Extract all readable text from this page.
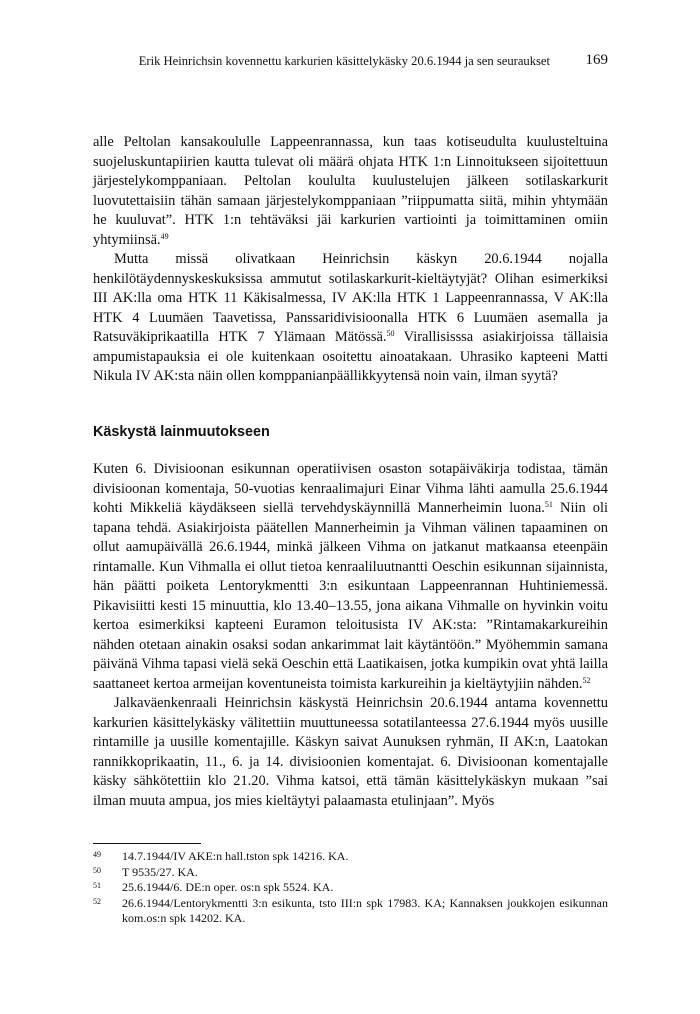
Erik Heinrichsin kovennettu karkurien käsittelykäsky 20.6.1944 ja sen seuraukset 169

alle Peltolan kansakoululle Lappeenrannassa, kun taas kotiseudulta kuulusteltuina suojeluskuntapiirien kautta tulevat oli määrä ohjata HTK 1:n Linnoitukseen sijoitettuun järjestelykomppaniaan. Peltolan koululta kuulustelujen jälkeen sotilaskarkurit luovutettaisiin tähän samaan järjestelykomppaniaan ”riippumatta siitä, mihin yhtymään he kuuluvat”. HTK 1:n tehtäväksi jäi karkurien vartiointi ja toimittaminen omiin yhtymiinsä.$^{49}$

Mutta missä olivatkaan Heinrichsin käskyn 20.6.1944 nojalla henkilötäydennyskeskuksissa ammutut sotilaskarkurit-kieltäytyjät? Olihan esimerkiksi III AK:lla oma HTK 11 Käkisalmessa, IV AK:lla HTK 1 Lappeenrannassa, V AK:lla HTK 4 Luumäen Taavetissa, Panssaridivisioonalla HTK 6 Luumäen asemalla ja Ratsuväkiprikaatilla HTK 7 Ylämaan Mätössä.$^{50}$ Virallisisssa asiakirjoissa tällaisia ampumistapauksia ei ole kuitenkaan osoitettu ainoatakaan. Uhrasiko kapteeni Matti Nikula IV AK:sta näin ollen komppanianpäällikkyytensä noin vain, ilman syytä?

Käskystä lainmuutokseen

Kuten 6. Divisioonan esikunnan operatiivisen osaston sotapäiväkirja todistaa, tämän divisioonan komentaja, 50-vuotias kenraalimajuri Einar Vihma lähti aamulla 25.6.1944 kohti Mikkeliä käydäkseen siellä tervehdyskäynnillä Mannerheimin luona.$^{51}$ Niin oli tapana tehdä. Asiakirjoista päätellen Mannerheimin ja Vihman välinen tapaaminen on ollut aamupäivällä 26.6.1944, minkä jälkeen Vihma on jatkanut matkaansa eteenpäin rintamalle. Kun Vihmalla ei ollut tietoa kenraaliluutnantti Oeschin esikunnan sijainnista, hän päätti poiketa Lentorykmentti 3:n esikuntaan Lappeenrannan Huhtiniemessä. Pikavisiitti kesti 15 minuuttia, klo 13.40–13.55, jona aikana Vihmalle on hyvinkin voitu kertoa esimerkiksi kapteeni Euramon teloitusista IV AK:sta: ”Rintamakarkureihin nähden otetaan ainakin osaksi sodan ankarimmat lait käytäntöön.” Myöhemmin samana päivänä Vihma tapasi vielä sekä Oeschin että Laatikaisen, jotka kumpikin ovat yhtä lailla saattaneet kertoa armeijan koventuneista toimista karkureihin ja kieltäytyjiin nähden.$^{52}$

Jalkaväenkenraali Heinrichsin käskystä Heinrichsin 20.6.1944 antama kovennettu karkurien käsittelykäsky välitettiin muuttuneessa sotatilanteessa 27.6.1944 myös uusille rintamille ja uusille komentajille. Käskyn saivat Aunuksen ryhmän, II AK:n, Laatokan rannikkoprikaatin, 11., 6. ja 14. divisioonien komentajat. 6. Divisioonan komentajalle käsky sähkötettiin klo 21.20. Vihma katsoi, että tämän käsittelykäskyn mukaan ”sai ilman muuta ampua, jos mies kieltäytyi palaamasta etulinjaan”. Myös

49 14.7.1944/IV AKE:n hall.tston spk 14216. KA.
50 T 9535/27. KA.
51 25.6.1944/6. DE:n oper. os:n spk 5524. KA.
52 26.6.1944/Lentorykmentti 3:n esikunta, tsto III:n spk 17983. KA; Kannaksen joukkojen esikunnan kom.os:n spk 14202. KA.
